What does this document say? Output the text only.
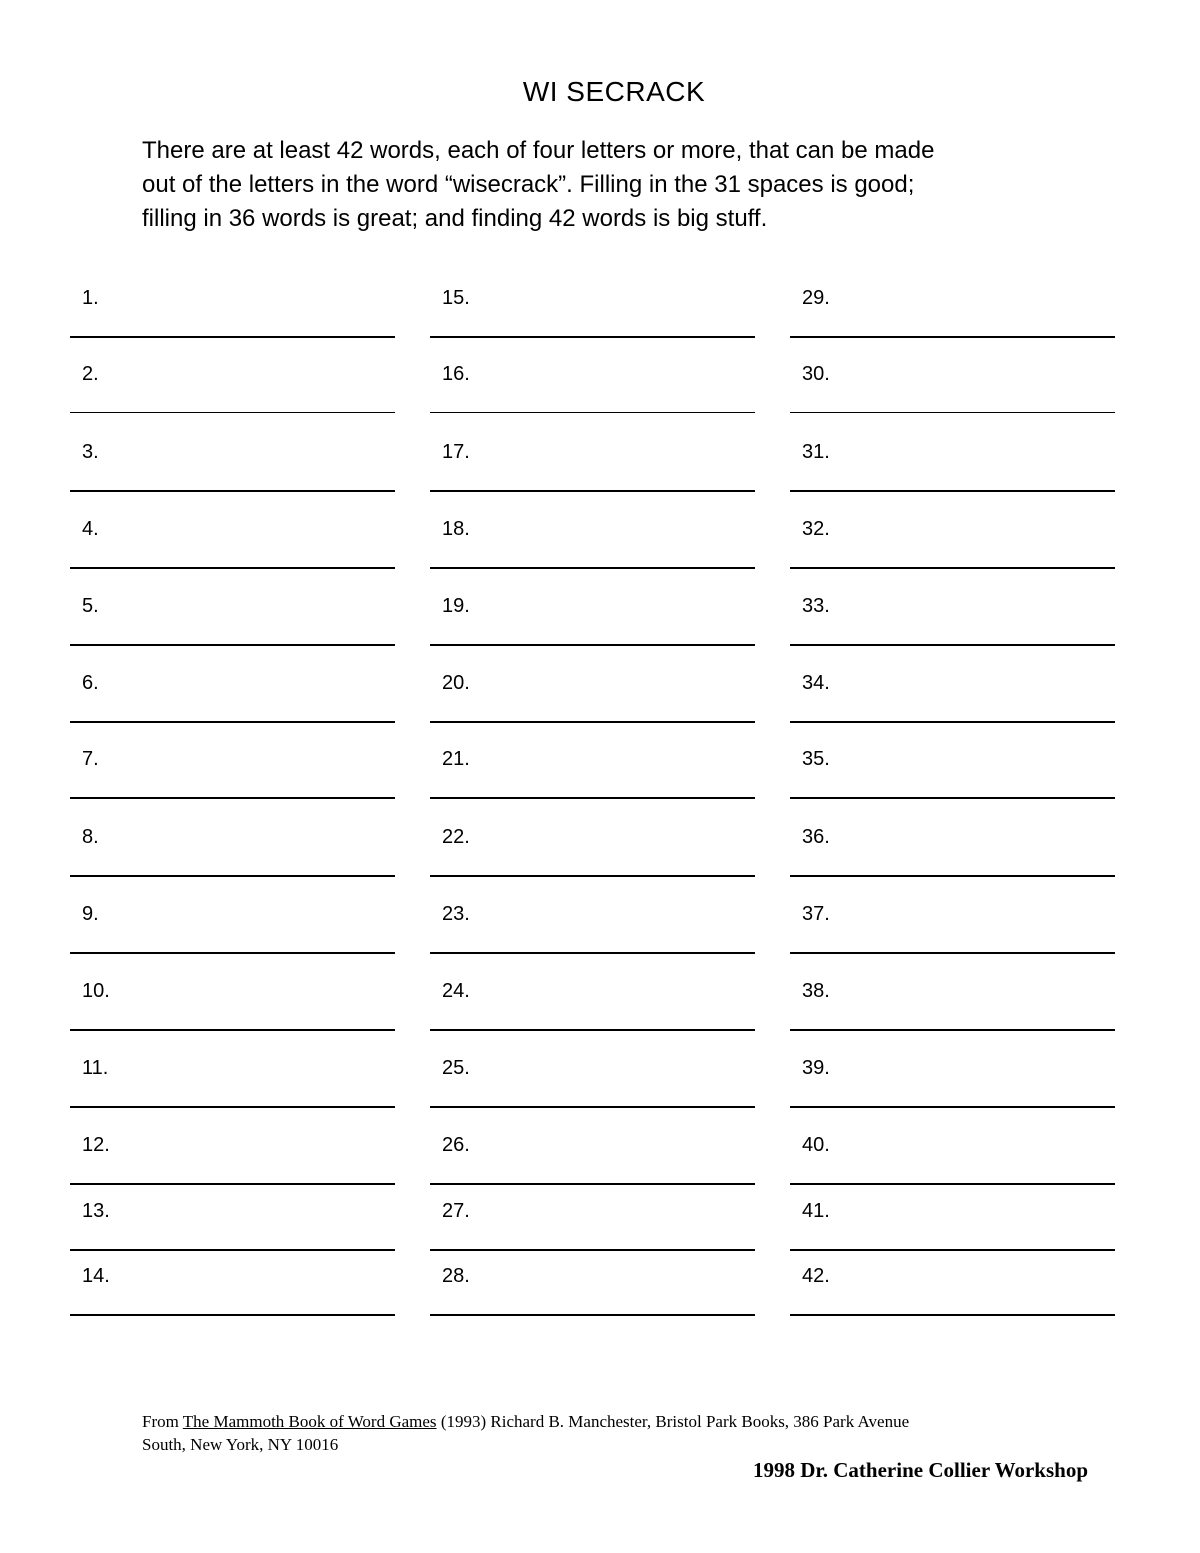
WI SECRACK
There are at least 42 words, each of four letters or more, that can be made
out of the letters in the word “wisecrack”. Filling in the 31 spaces is good;
filling in 36 words is great; and finding 42 words is big stuff.
1.
2.
3.
4.
5.
6.
7.
8.
9.
10.
11.
12.
13.
14.
15.
16.
17.
18.
19.
20.
21.
22.
23.
24.
25.
26.
27.
28.
29.
30.
31.
32.
33.
34.
35.
36.
37.
38.
39.
40.
41.
42.
From The Mammoth Book of Word Games (1993) Richard B. Manchester, Bristol Park Books, 386 Park Avenue
South, New York, NY 10016
1998 Dr. Catherine Collier Workshop
